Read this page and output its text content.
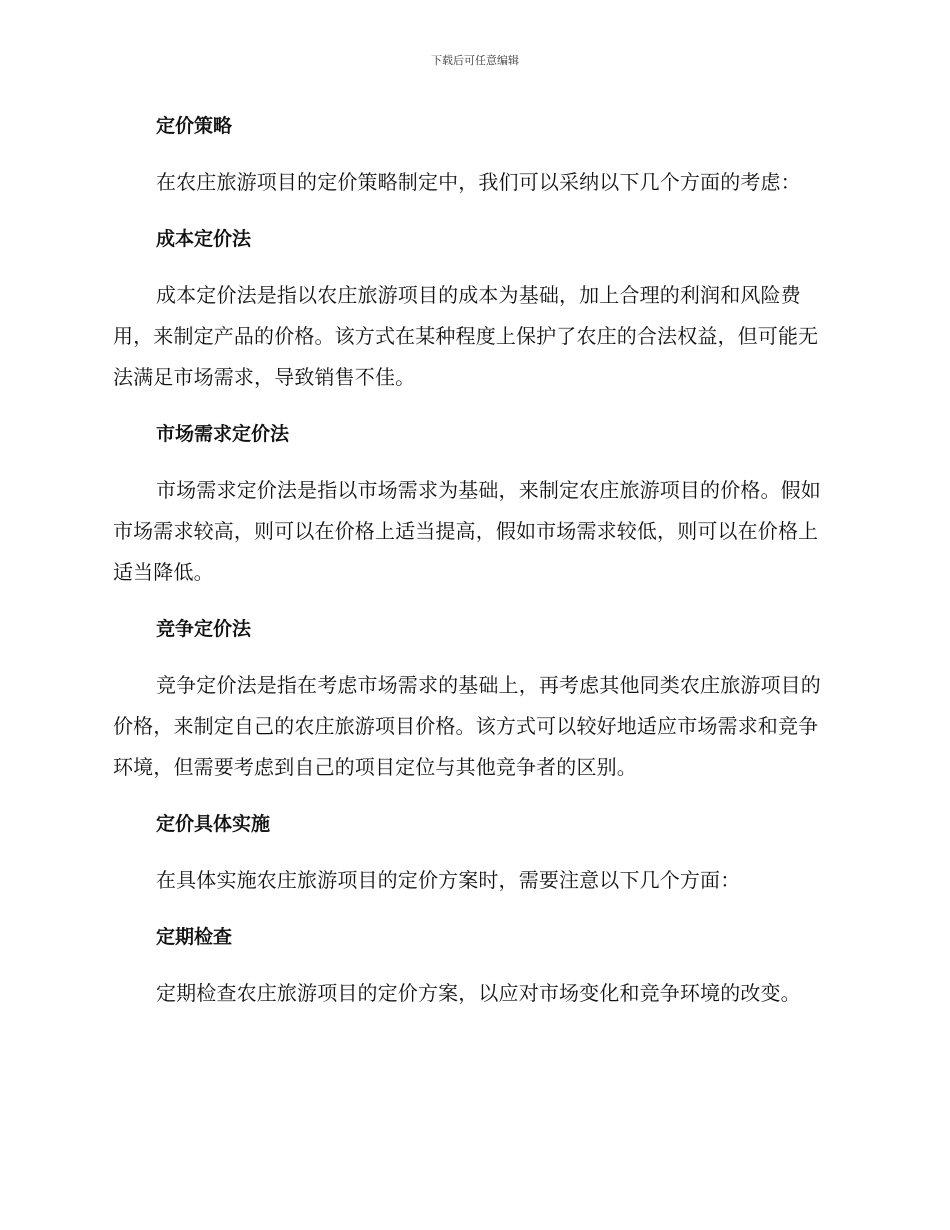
下载后可任意编辑
定价策略

在农庄旅游项目的定价策略制定中，我们可以采纳以下几个方面的考虑：

成本定价法

成本定价法是指以农庄旅游项目的成本为基础，加上合理的利润和风险费用，来制定产品的价格。该方式在某种程度上保护了农庄的合法权益，但可能无法满足市场需求，导致销售不佳。

市场需求定价法

市场需求定价法是指以市场需求为基础，来制定农庄旅游项目的价格。假如市场需求较高，则可以在价格上适当提高，假如市场需求较低，则可以在价格上适当降低。

竞争定价法

竞争定价法是指在考虑市场需求的基础上，再考虑其他同类农庄旅游项目的价格，来制定自己的农庄旅游项目价格。该方式可以较好地适应市场需求和竞争环境，但需要考虑到自己的项目定位与其他竞争者的区别。

定价具体实施

在具体实施农庄旅游项目的定价方案时，需要注意以下几个方面：

定期检查

定期检查农庄旅游项目的定价方案，以应对市场变化和竞争环境的改变。
